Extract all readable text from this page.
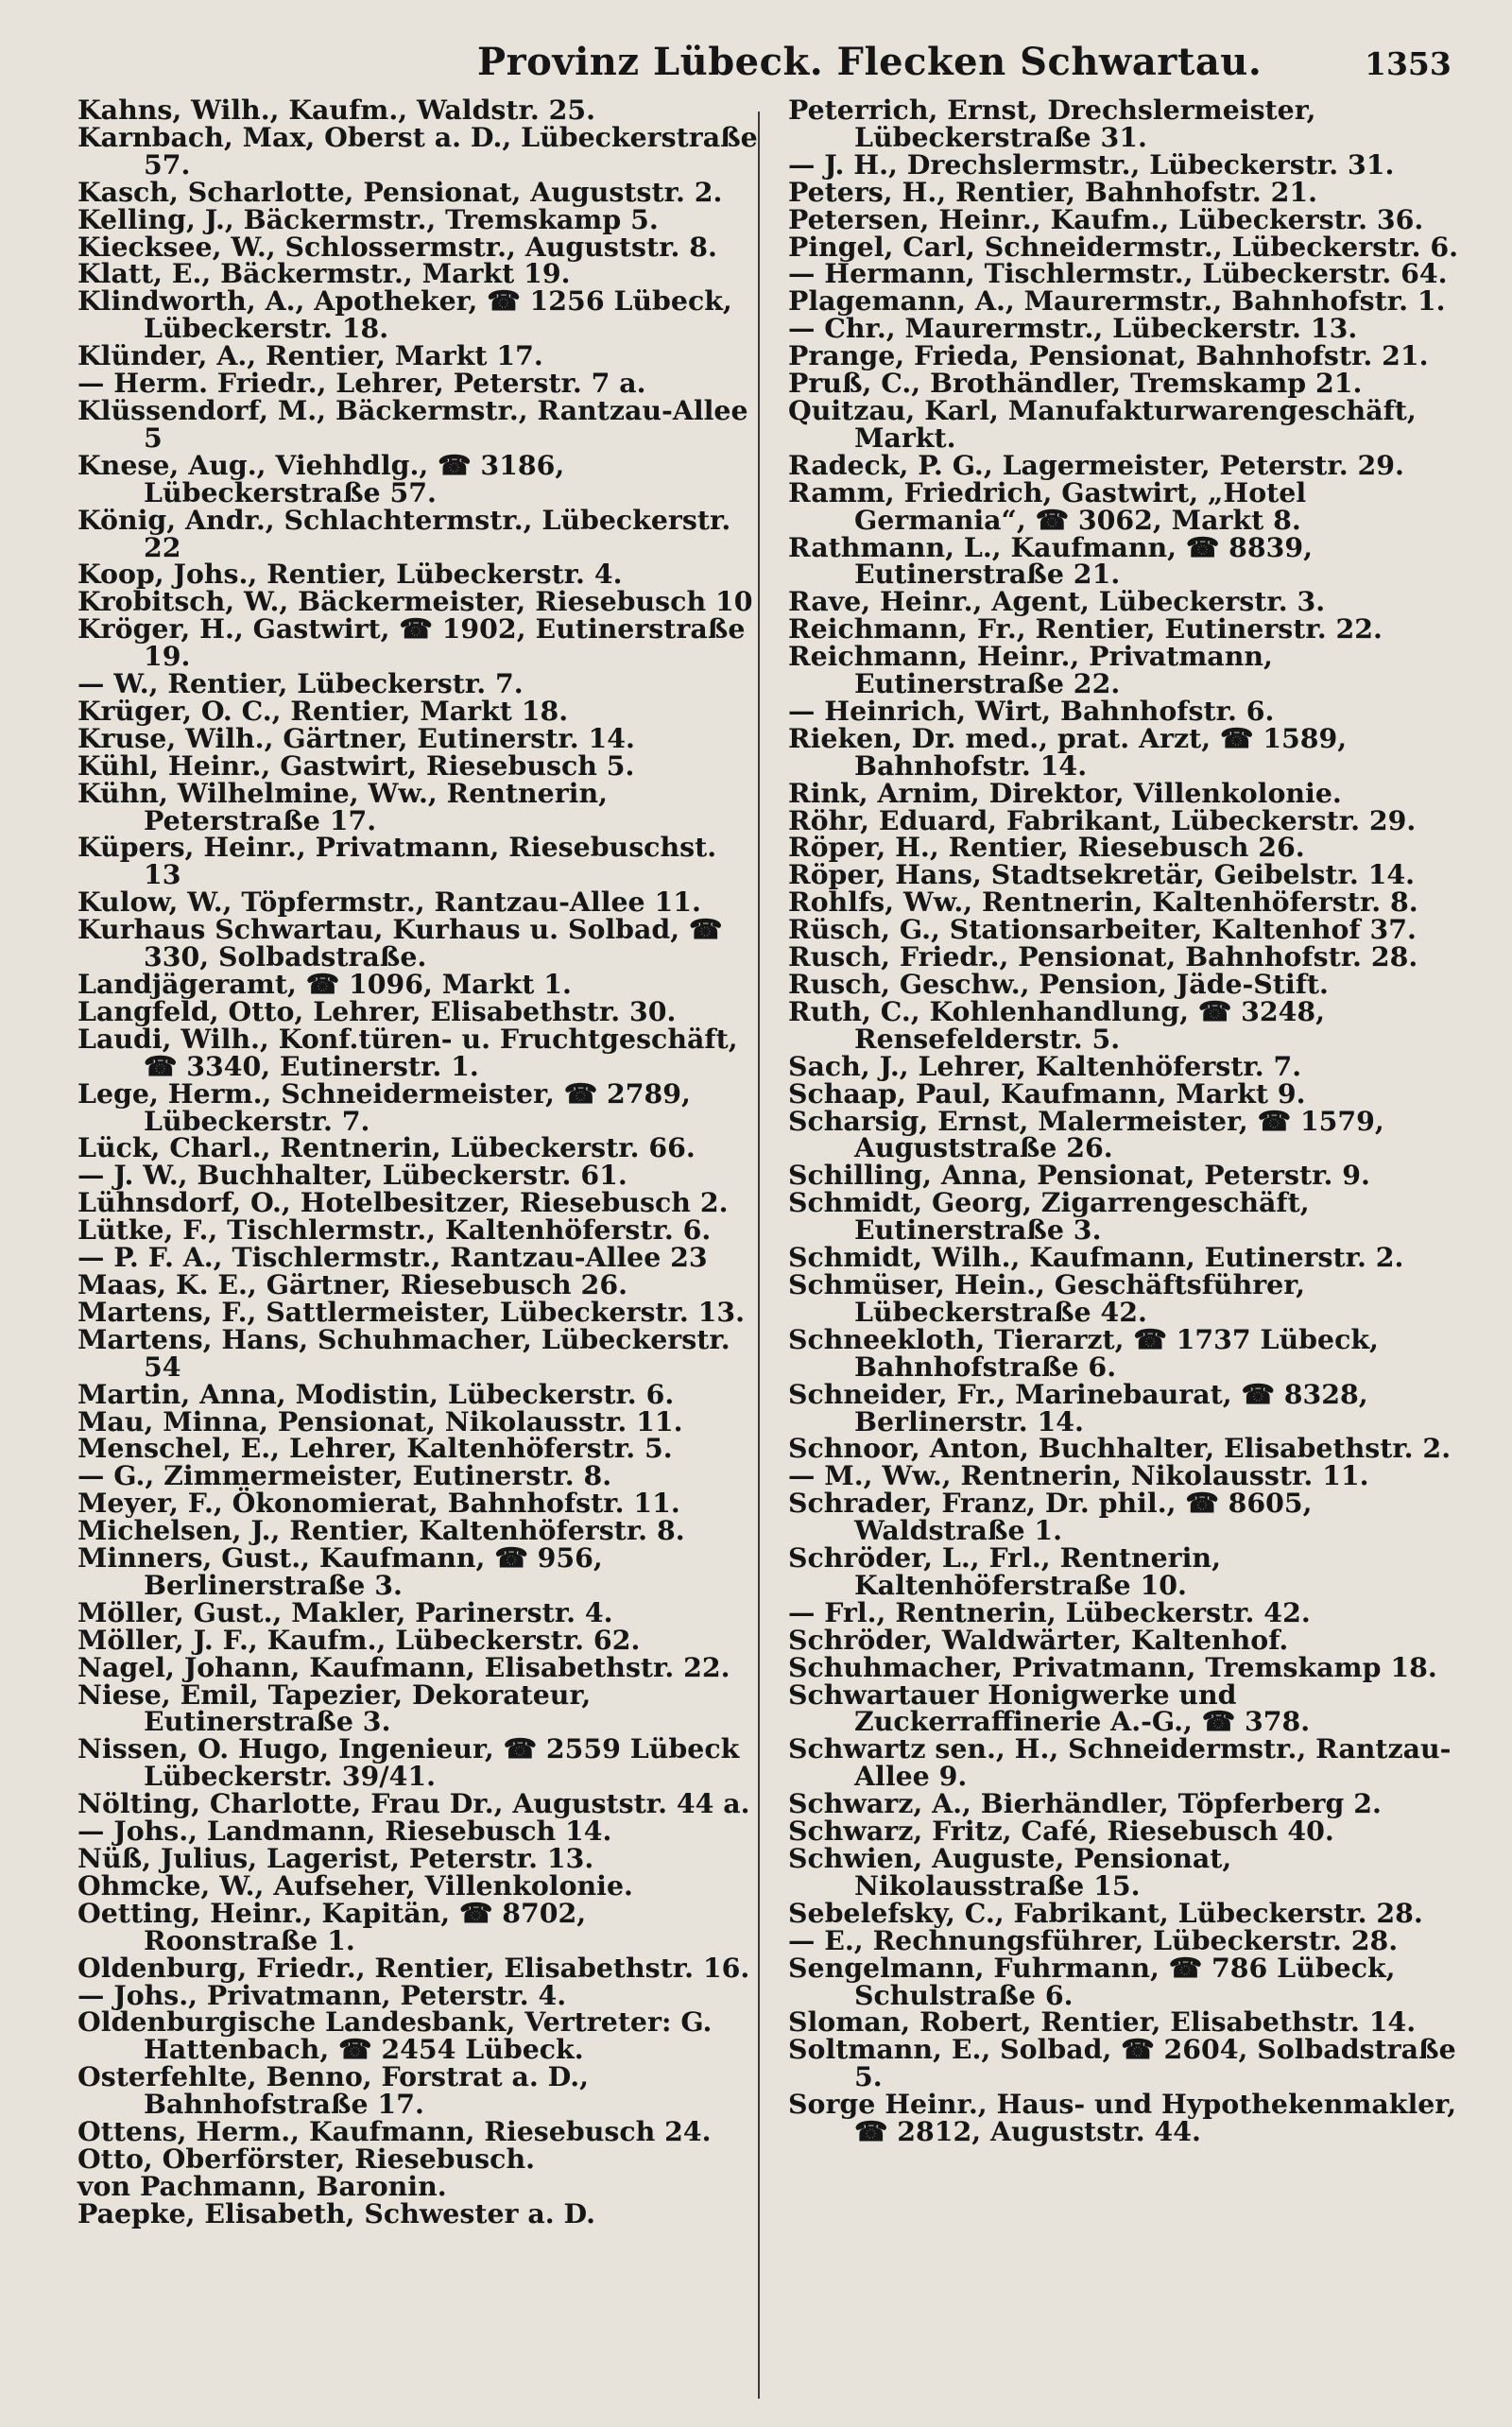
Provinz Lübeck. Flecken Schwartau.	1353

Kahns, Wilh., Kaufm., Waldstr. 25.

Karnbach, Max, Oberst a. D., Lübeckerstraße 57.

Kasch, Scharlotte, Pensionat, Auguststr. 2.

Kelling, J., Bäckermstr., Tremskamp 5.

Kiecksee, W., Schlossermstr., Auguststr. 8.

Klatt, E., Bäckermstr., Markt 19.

Klindworth, A., Apotheker, ☎ 1256 Lübeck, Lübeckerstr. 18.

Klünder, A., Rentier, Markt 17.

— Herm. Friedr., Lehrer, Peterstr. 7 a.

Klüssendorf, M., Bäckermstr., Rantzau-Allee 5

Knese, Aug., Viehhdlg., ☎ 3186, Lübeckerstraße 57.

König, Andr., Schlachtermstr., Lübeckerstr. 22

Koop, Johs., Rentier, Lübeckerstr. 4.

Krobitsch, W., Bäckermeister, Riesebusch 10

Kröger, H., Gastwirt, ☎ 1902, Eutinerstraße 19.

— W., Rentier, Lübeckerstr. 7.

Krüger, O. C., Rentier, Markt 18.

Kruse, Wilh., Gärtner, Eutinerstr. 14.

Kühl, Heinr., Gastwirt, Riesebusch 5.

Kühn, Wilhelmine, Ww., Rentnerin, Peterstraße 17.

Küpers, Heinr., Privatmann, Riesebuschst. 13

Kulow, W., Töpfermstr., Rantzau-Allee 11.

Kurhaus Schwartau, Kurhaus u. Solbad, ☎ 330, Solbadstraße.

Landjägeramt, ☎ 1096, Markt 1.

Langfeld, Otto, Lehrer, Elisabethstr. 30.

Laudi, Wilh., Konf.türen- u. Fruchtgeschäft, ☎ 3340, Eutinerstr. 1.

Lege, Herm., Schneidermeister, ☎ 2789, Lübeckerstr. 7.

Lück, Charl., Rentnerin, Lübeckerstr. 66.

— J. W., Buchhalter, Lübeckerstr. 61.

Lühnsdorf, O., Hotelbesitzer, Riesebusch 2.

Lütke, F., Tischlermstr., Kaltenhöferstr. 6.

— P. F. A., Tischlermstr., Rantzau-Allee 23

Maas, K. E., Gärtner, Riesebusch 26.

Martens, F., Sattlermeister, Lübeckerstr. 13.

Martens, Hans, Schuhmacher, Lübeckerstr. 54

Martin, Anna, Modistin, Lübeckerstr. 6.

Mau, Minna, Pensionat, Nikolausstr. 11.

Menschel, E., Lehrer, Kaltenhöferstr. 5.

— G., Zimmermeister, Eutinerstr. 8.

Meyer, F., Ökonomierat, Bahnhofstr. 11.

Michelsen, J., Rentier, Kaltenhöferstr. 8.

Minners, Gust., Kaufmann, ☎ 956, Berlinerstraße 3.

Möller, Gust., Makler, Parinerstr. 4.

Möller, J. F., Kaufm., Lübeckerstr. 62.

Nagel, Johann, Kaufmann, Elisabethstr. 22.

Niese, Emil, Tapezier, Dekorateur, Eutinerstraße 3.

Nissen, O. Hugo, Ingenieur, ☎ 2559 Lübeck Lübeckerstr. 39/41.

Nölting, Charlotte, Frau Dr., Auguststr. 44 a.

— Johs., Landmann, Riesebusch 14.

Nüß, Julius, Lagerist, Peterstr. 13.

Ohmcke, W., Aufseher, Villenkolonie.

Oetting, Heinr., Kapitän, ☎ 8702, Roonstraße 1.

Oldenburg, Friedr., Rentier, Elisabethstr. 16.

— Johs., Privatmann, Peterstr. 4.

Oldenburgische Landesbank, Vertreter: G. Hattenbach, ☎ 2454 Lübeck.

Osterfehlte, Benno, Forstrat a. D., Bahnhofstraße 17.

Ottens, Herm., Kaufmann, Riesebusch 24.

Otto, Oberförster, Riesebusch.

von Pachmann, Baronin.

Paepke, Elisabeth, Schwester a. D.

Peterrich, Ernst, Drechslermeister, Lübeckerstraße 31.

— J. H., Drechslermstr., Lübeckerstr. 31.

Peters, H., Rentier, Bahnhofstr. 21.

Petersen, Heinr., Kaufm., Lübeckerstr. 36.

Pingel, Carl, Schneidermstr., Lübeckerstr. 6.

— Hermann, Tischlermstr., Lübeckerstr. 64.

Plagemann, A., Maurermstr., Bahnhofstr. 1.

— Chr., Maurermstr., Lübeckerstr. 13.

Prange, Frieda, Pensionat, Bahnhofstr. 21.

Pruß, C., Brothändler, Tremskamp 21.

Quitzau, Karl, Manufakturwarengeschäft, Markt.

Radeck, P. G., Lagermeister, Peterstr. 29.

Ramm, Friedrich, Gastwirt, „Hotel Germania“, ☎ 3062, Markt 8.

Rathmann, L., Kaufmann, ☎ 8839, Eutinerstraße 21.

Rave, Heinr., Agent, Lübeckerstr. 3.

Reichmann, Fr., Rentier, Eutinerstr. 22.

Reichmann, Heinr., Privatmann, Eutinerstraße 22.

— Heinrich, Wirt, Bahnhofstr. 6.

Rieken, Dr. med., prat. Arzt, ☎ 1589, Bahnhofstr. 14.

Rink, Arnim, Direktor, Villenkolonie.

Röhr, Eduard, Fabrikant, Lübeckerstr. 29.

Röper, H., Rentier, Riesebusch 26.

Röper, Hans, Stadtsekretär, Geibelstr. 14.

Rohlfs, Ww., Rentnerin, Kaltenhöferstr. 8.

Rüsch, G., Stationsarbeiter, Kaltenhof 37.

Rusch, Friedr., Pensionat, Bahnhofstr. 28.

Rusch, Geschw., Pension, Jäde-Stift.

Ruth, C., Kohlenhandlung, ☎ 3248, Rensefelderstr. 5.

Sach, J., Lehrer, Kaltenhöferstr. 7.

Schaap, Paul, Kaufmann, Markt 9.

Scharsig, Ernst, Malermeister, ☎ 1579, Auguststraße 26.

Schilling, Anna, Pensionat, Peterstr. 9.

Schmidt, Georg, Zigarrengeschäft, Eutinerstraße 3.

Schmidt, Wilh., Kaufmann, Eutinerstr. 2.

Schmüser, Hein., Geschäftsführer, Lübeckerstraße 42.

Schneekloth, Tierarzt, ☎ 1737 Lübeck, Bahnhofstraße 6.

Schneider, Fr., Marinebaurat, ☎ 8328, Berlinerstr. 14.

Schnoor, Anton, Buchhalter, Elisabethstr. 2.

— M., Ww., Rentnerin, Nikolausstr. 11.

Schrader, Franz, Dr. phil., ☎ 8605, Waldstraße 1.

Schröder, L., Frl., Rentnerin, Kaltenhöferstraße 10.

— Frl., Rentnerin, Lübeckerstr. 42.

Schröder, Waldwärter, Kaltenhof.

Schuhmacher, Privatmann, Tremskamp 18.

Schwartauer Honigwerke und Zuckerraffinerie A.-G., ☎ 378.

Schwartz sen., H., Schneidermstr., Rantzau-Allee 9.

Schwarz, A., Bierhändler, Töpferberg 2.

Schwarz, Fritz, Café, Riesebusch 40.

Schwien, Auguste, Pensionat, Nikolausstraße 15.

Sebelefsky, C., Fabrikant, Lübeckerstr. 28.

— E., Rechnungsführer, Lübeckerstr. 28.

Sengelmann, Fuhrmann, ☎ 786 Lübeck, Schulstraße 6.

Sloman, Robert, Rentier, Elisabethstr. 14.

Soltmann, E., Solbad, ☎ 2604, Solbadstraße 5.

Sorge Heinr., Haus- und Hypothekenmakler, ☎ 2812, Auguststr. 44.
